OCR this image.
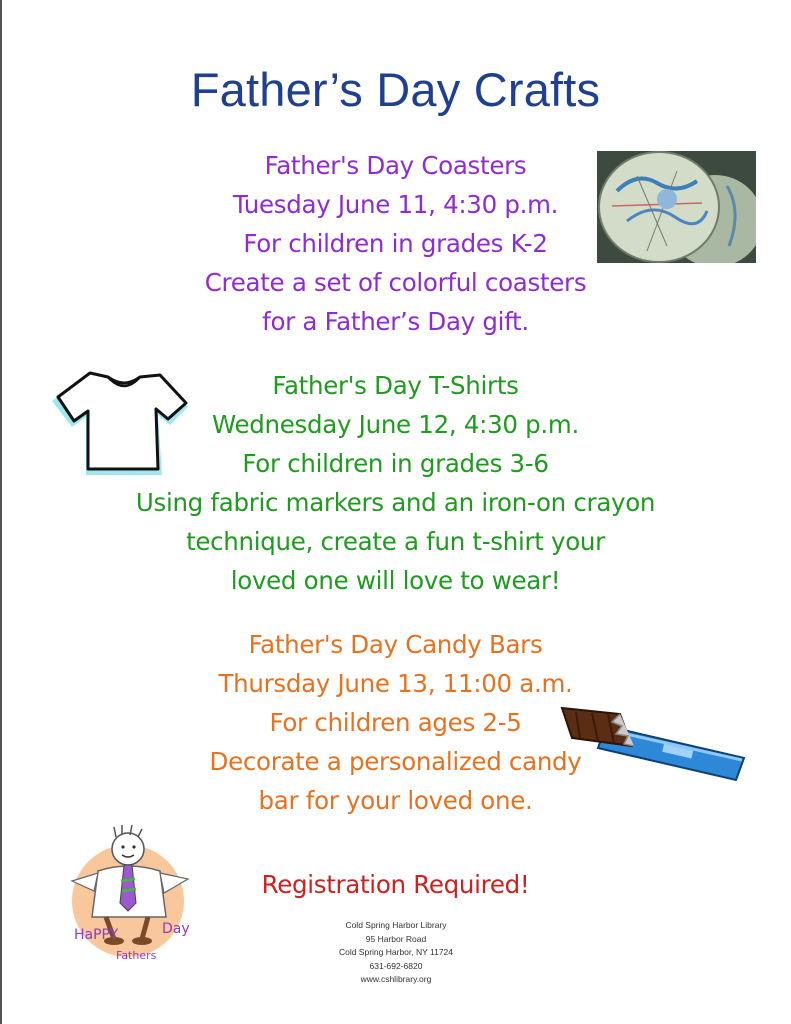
Father’s Day Crafts
Father's Day Coasters
Tuesday June 11, 4:30 p.m.
For children in grades K-2
Create a set of colorful coasters
for a Father’s Day gift.
Father's Day T-Shirts
Wednesday June 12, 4:30 p.m.
For children in grades 3-6
Using fabric markers and an iron-on crayon
technique, create a fun t-shirt your
loved one will love to wear!
Father's Day Candy Bars
Thursday June 13, 11:00 a.m.
For children ages 2-5
Decorate a personalized candy
bar for your loved one.
Registration Required!
Cold Spring Harbor Library
95 Harbor Road
Cold Spring Harbor, NY 11724
631-692-6820
www.cshlibrary.org
HaPPY
Fathers
Day
